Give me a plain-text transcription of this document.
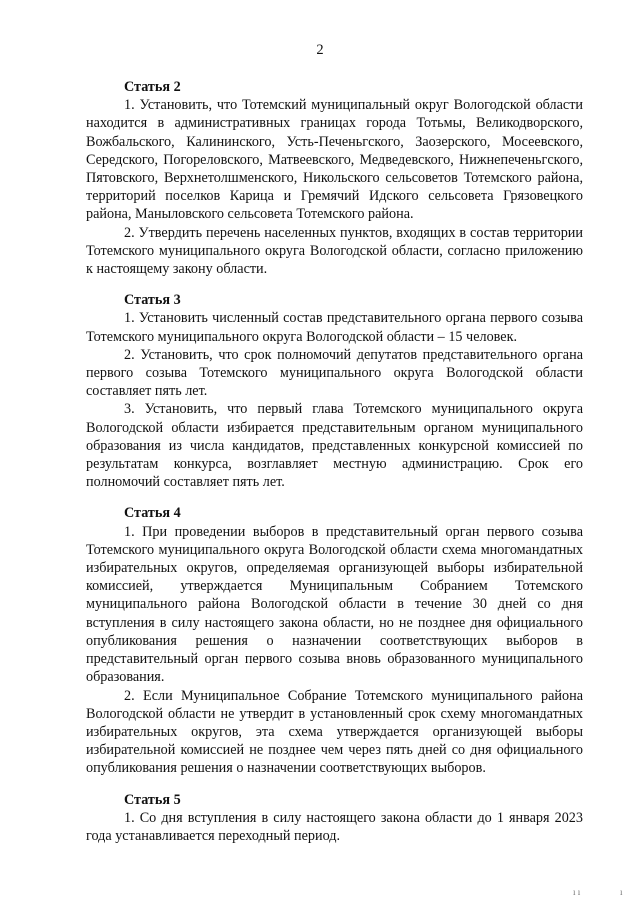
2

Статья 2

1. Установить, что Тотемский муниципальный округ Вологодской области находится в административных границах города Тотьмы, Великодворского, Вожбальского, Калининского, Усть-Печеньгского, Заозерского, Мосеевского, Середского, Погореловского, Матвеевского, Медведевского, Нижнепеченьгского, Пятовского, Верхнетолшменского, Никольского сельсоветов Тотемского района, территорий поселков Карица и Гремячий Идского сельсовета Грязовецкого района, Маныловского сельсовета Тотемского района.

2. Утвердить перечень населенных пунктов, входящих в состав территории Тотемского муниципального округа Вологодской области, согласно приложению к настоящему закону области.

Статья 3

1. Установить численный состав представительного органа первого созыва Тотемского муниципального округа Вологодской области – 15 человек.

2. Установить, что срок полномочий депутатов представительного органа первого созыва Тотемского муниципального округа Вологодской области составляет пять лет.

3. Установить, что первый глава Тотемского муниципального округа Вологодской области избирается представительным органом муниципального образования из числа кандидатов, представленных конкурсной комиссией по результатам конкурса, возглавляет местную администрацию. Срок его полномочий составляет пять лет.

Статья 4

1. При проведении выборов в представительный орган первого созыва Тотемского муниципального округа Вологодской области схема многомандатных избирательных округов, определяемая организующей выборы избирательной комиссией, утверждается Муниципальным Собранием Тотемского муниципального района Вологодской области в течение 30 дней со дня вступления в силу настоящего закона области, но не позднее дня официального опубликования решения о назначении соответствующих выборов в представительный орган первого созыва вновь образованного муниципального образования.

2. Если Муниципальное Собрание Тотемского муниципального района Вологодской области не утвердит в установленный срок схему многомандатных избирательных округов, эта схема утверждается организующей выборы избирательной комиссией не позднее чем через пять дней со дня официального опубликования решения о назначении соответствующих выборов.

Статья 5

1. Со дня вступления в силу настоящего закона области до 1 января 2023 года устанавливается переходный период.

ı ı	ı
